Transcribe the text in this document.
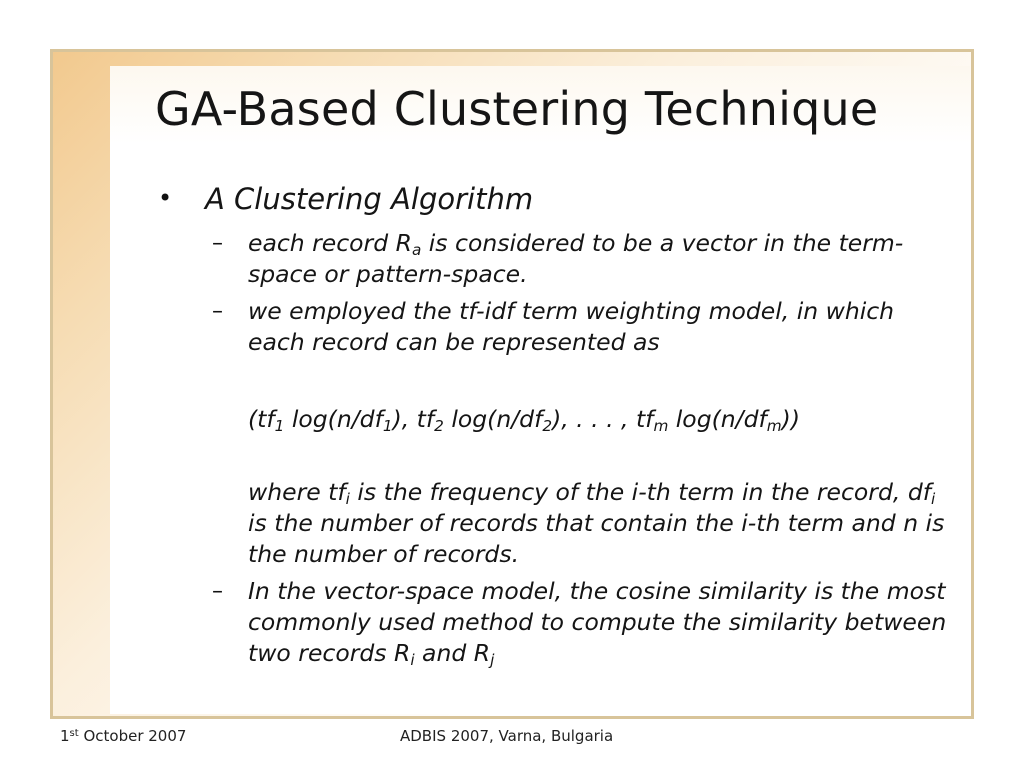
GA-Based Clustering Technique
• A Clustering Algorithm
– each record $R_a$ is considered to be a vector in the term-space or pattern-space.
– we employed the tf-idf term weighting model, in which each record can be represented as
($tf_1$ $\log(n/df_1)$, $tf_2$ $\log(n/df_2)$, . . . , $tf_m$ $\log(n/df_m)$)
where $tf_i$ is the frequency of the i-th term in the record, $df_i$ is the number of records that contain the i-th term and n is the number of records.
– In the vector-space model, the cosine similarity is the most commonly used method to compute the similarity between two records $R_i$ and $R_j$
1st October 2007	ADBIS 2007, Varna, Bulgaria
